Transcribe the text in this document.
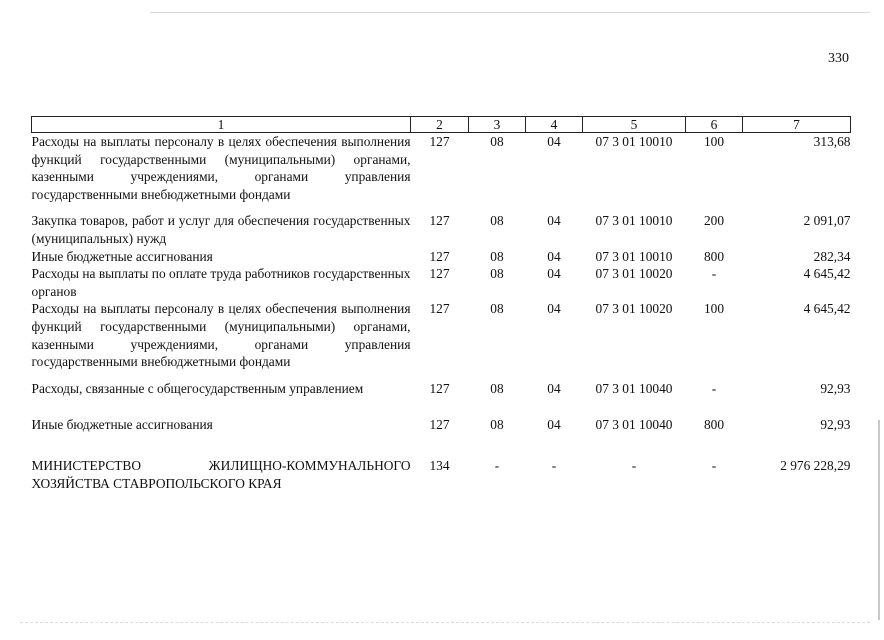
330
1	2	3	4	5	6	7
Расходы на выплаты персоналу в целях обеспечения выполнения функций государственными (муниципальными) органами, казенными учреждениями, органами управления государственными внебюджетными фондами	127	08	04	07 3 01 10010	100	313,68
Закупка товаров, работ и услуг для обеспечения государственных (муниципальных) нужд	127	08	04	07 3 01 10010	200	2 091,07
Иные бюджетные ассигнования	127	08	04	07 3 01 10010	800	282,34
Расходы на выплаты по оплате труда работников государственных органов	127	08	04	07 3 01 10020	-	4 645,42
Расходы на выплаты персоналу в целях обеспечения выполнения функций государственными (муниципальными) органами, казенными учреждениями, органами управления государственными внебюджетными фондами	127	08	04	07 3 01 10020	100	4 645,42
Расходы, связанные с общегосударственным управлением	127	08	04	07 3 01 10040	-	92,93
Иные бюджетные ассигнования	127	08	04	07 3 01 10040	800	92,93
МИНИСТЕРСТВО ЖИЛИЩНО-КОММУНАЛЬНОГО ХОЗЯЙСТВА СТАВРОПОЛЬСКОГО КРАЯ	134	-	-	-	-	2 976 228,29
